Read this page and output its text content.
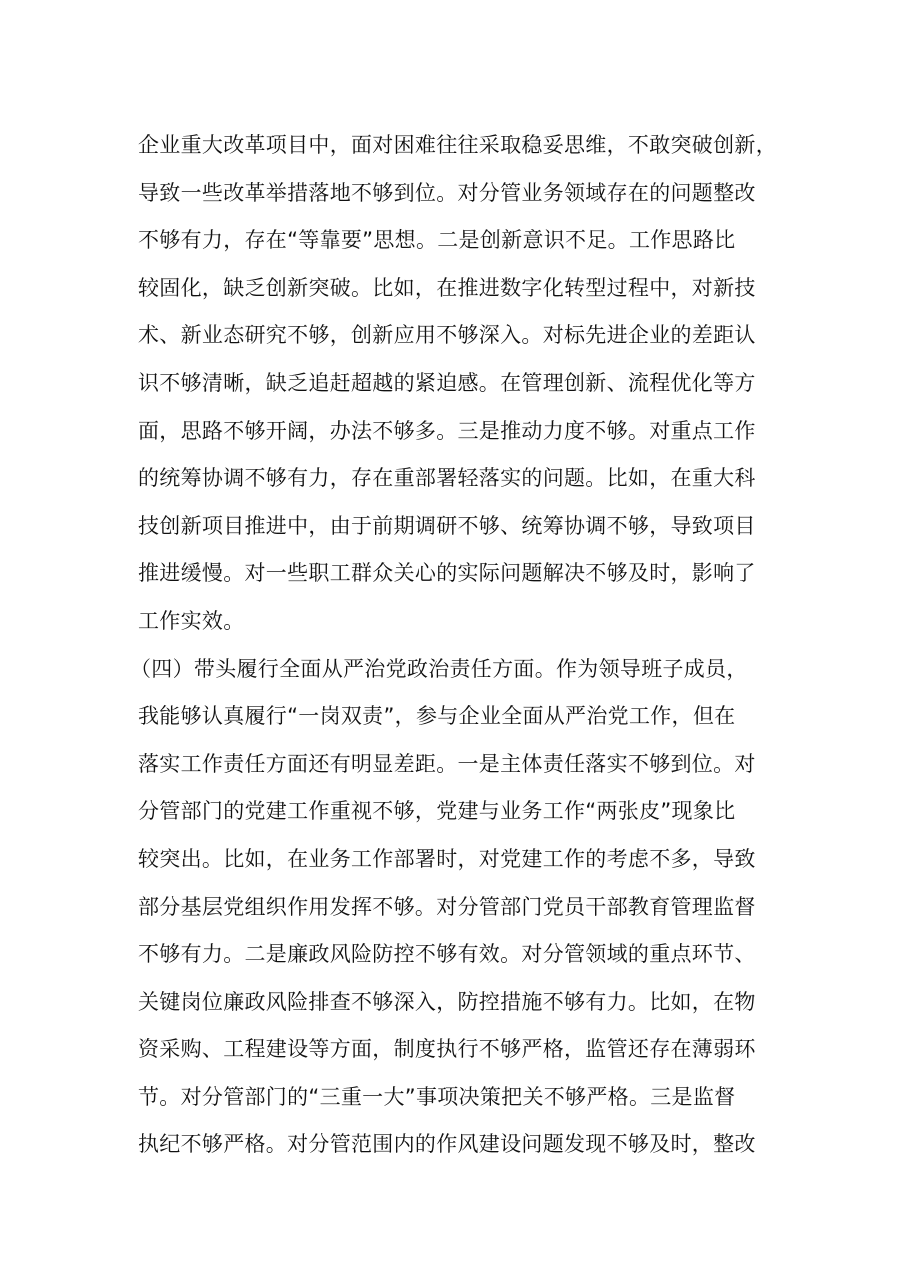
企业重大改革项目中，面对困难往往采取稳妥思维，不敢突破创新，
导致一些改革举措落地不够到位。对分管业务领域存在的问题整改
不够有力，存在“等靠要”思想。二是创新意识不足。工作思路比
较固化，缺乏创新突破。比如，在推进数字化转型过程中，对新技
术、新业态研究不够，创新应用不够深入。对标先进企业的差距认
识不够清晰，缺乏追赶超越的紧迫感。在管理创新、流程优化等方
面，思路不够开阔，办法不够多。三是推动力度不够。对重点工作
的统筹协调不够有力，存在重部署轻落实的问题。比如，在重大科
技创新项目推进中，由于前期调研不够、统筹协调不够，导致项目
推进缓慢。对一些职工群众关心的实际问题解决不够及时，影响了
工作实效。
（四）带头履行全面从严治党政治责任方面。作为领导班子成员，
我能够认真履行“一岗双责”，参与企业全面从严治党工作，但在
落实工作责任方面还有明显差距。一是主体责任落实不够到位。对
分管部门的党建工作重视不够，党建与业务工作“两张皮”现象比
较突出。比如，在业务工作部署时，对党建工作的考虑不多，导致
部分基层党组织作用发挥不够。对分管部门党员干部教育管理监督
不够有力。二是廉政风险防控不够有效。对分管领域的重点环节、
关键岗位廉政风险排查不够深入，防控措施不够有力。比如，在物
资采购、工程建设等方面，制度执行不够严格，监管还存在薄弱环
节。对分管部门的“三重一大”事项决策把关不够严格。三是监督
执纪不够严格。对分管范围内的作风建设问题发现不够及时，整改
